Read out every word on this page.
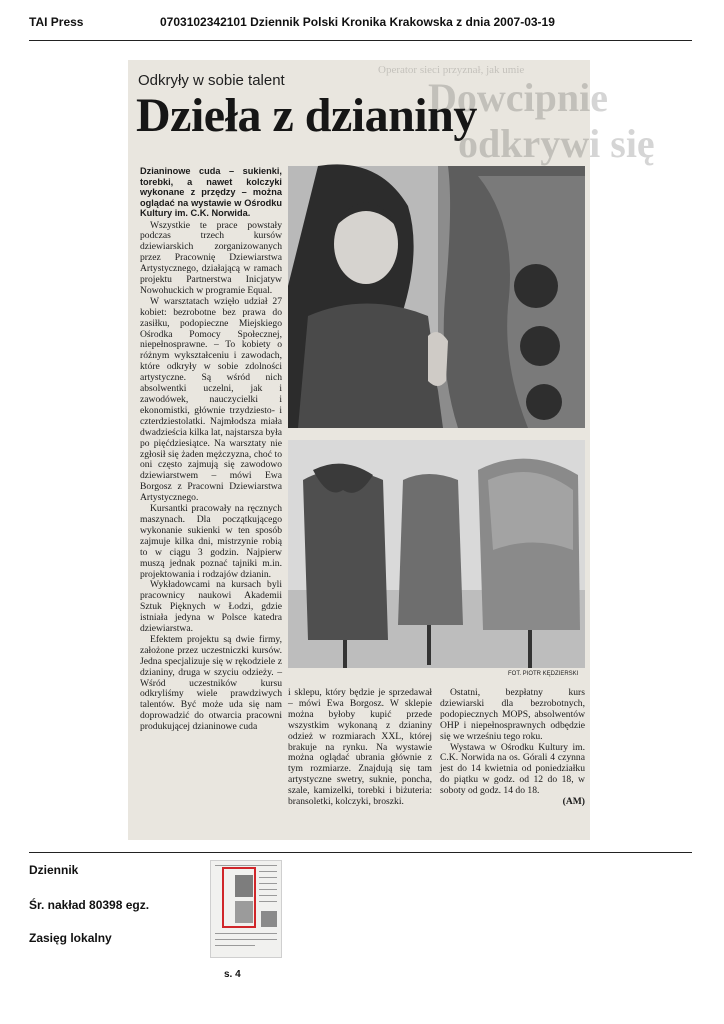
TAI Press	0703102342101 Dziennik Polski Kronika Krakowska z dnia 2007-03-19
Operator sieci przyznał, jak umie
Dowcipnie
odkrywi się
Odkryły w sobie talent
Dzieła z dzianiny

Dzianinowe cuda – sukienki, torebki, a nawet kolczyki wykonane z przędzy – można oglądać na wystawie w Ośrodku Kultury im. C.K. Norwida.

Wszystkie te prace powstały podczas trzech kursów dziewiarskich zorganizowanych przez Pracownię Dziewiarstwa Artystycznego, działającą w ramach projektu Partnerstwa Inicjatyw Nowohuckich w programie Equal.

W warsztatach wzięło udział 27 kobiet: bezrobotne bez prawa do zasiłku, podopieczne Miejskiego Ośrodka Pomocy Społecznej, niepełnosprawne. – To kobiety o różnym wykształceniu i zawodach, które odkryły w sobie zdolności artystyczne. Są wśród nich absolwentki uczelni, jak i zawodówek, nauczycielki i ekonomistki, głównie trzydziesto- i czterdziestolatki. Najmłodsza miała dwadzieścia kilka lat, najstarsza była po pięćdziesiątce. Na warsztaty nie zgłosił się żaden mężczyzna, choć to oni często zajmują się zawodowo dziewiarstwem – mówi Ewa Borgosz z Pracowni Dziewiarstwa Artystycznego.

Kursantki pracowały na ręcznych maszynach. Dla początkującego wykonanie sukienki w ten sposób zajmuje kilka dni, mistrzynie robią to w ciągu 3 godzin. Najpierw muszą jednak poznać tajniki m.in. projektowania i rodzajów dzianin.

Wykładowcami na kursach byli pracownicy naukowi Akademii Sztuk Pięknych w Łodzi, gdzie istniała jedyna w Polsce katedra dziewiarstwa.

Efektem projektu są dwie firmy, założone przez uczestniczki kursów. Jedna specjalizuje się w rękodziele z dzianiny, druga w szyciu odzieży. – Wśród uczestników kursu odkryliśmy wiele prawdziwych talentów. Być może uda się nam doprowadzić do otwarcia pracowni produkującej dzianinowe cuda

FOT. PIOTR KĘDZIERSKI

i sklepu, który będzie je sprzedawał – mówi Ewa Borgosz. W sklepie można byłoby kupić przede wszystkim wykonaną z dzianiny odzież w rozmiarach XXL, której brakuje na rynku. Na wystawie można oglądać ubrania głównie z tym rozmiarze. Znajdują się tam artystyczne swetry, suknie, poncha, szale, kamizelki, torebki i biżuteria: bransoletki, kolczyki, broszki.

Ostatni, bezpłatny kurs dziewiarski dla bezrobotnych, podopiecznych MOPS, absolwentów OHP i niepełnosprawnych odbędzie się we wrześniu tego roku.

Wystawa w Ośrodku Kultury im. C.K. Norwida na os. Górali 4 czynna jest do 14 kwietnia od poniedziałku do piątku w godz. od 12 do 18, w soboty od godz. 14 do 18.

(AM)

Dziennik
Śr. nakład 80398 egz.
Zasięg lokalny
s. 4
